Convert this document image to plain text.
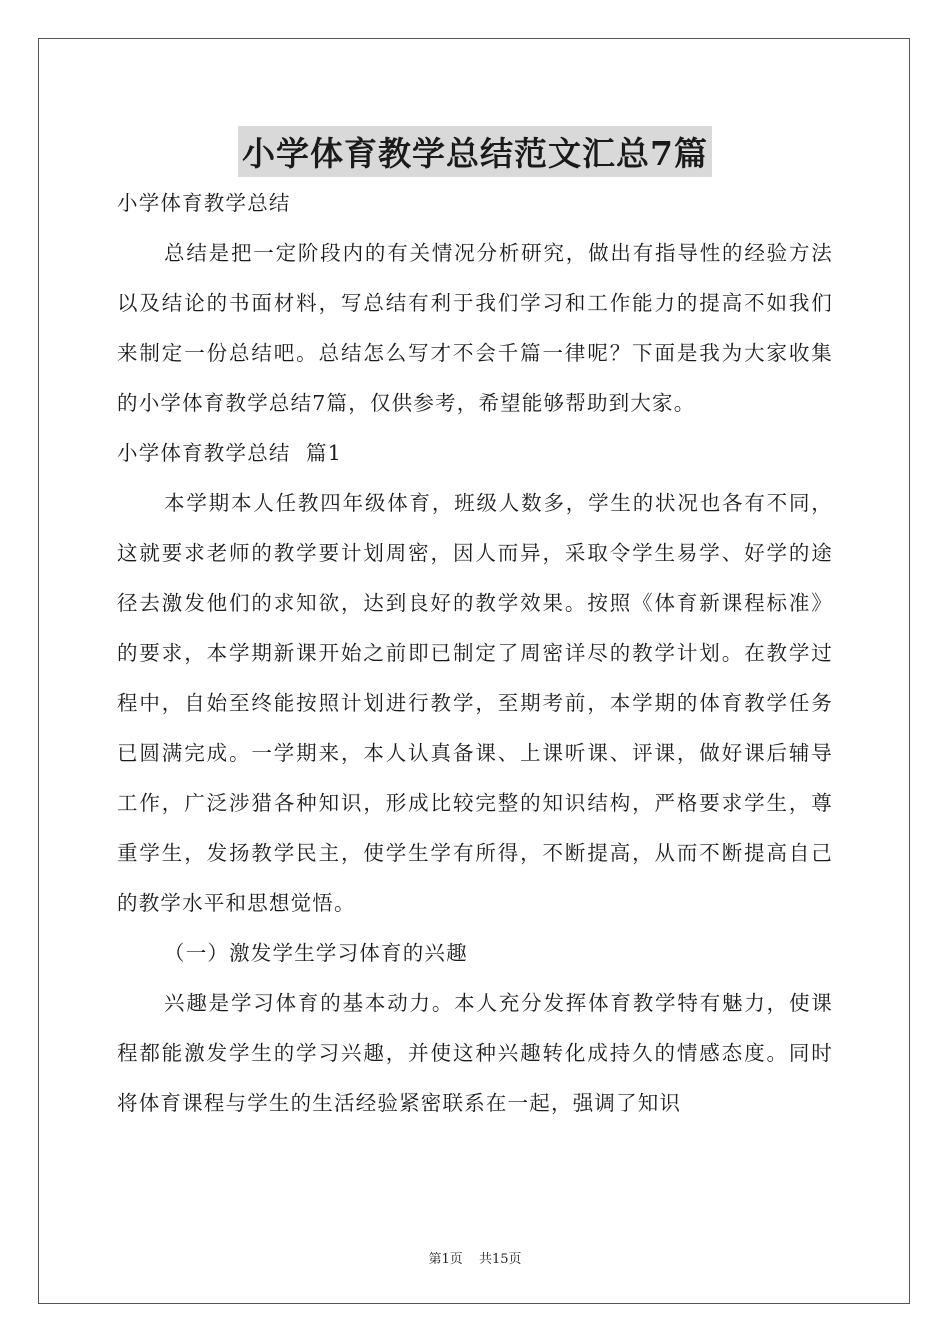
小学体育教学总结范文汇总7篇

小学体育教学总结

总结是把一定阶段内的有关情况分析研究，做出有指导性的经验方法以及结论的书面材料，写总结有利于我们学习和工作能力的提高不如我们来制定一份总结吧。总结怎么写才不会千篇一律呢？下面是我为大家收集的小学体育教学总结7篇，仅供参考，希望能够帮助到大家。

小学体育教学总结  篇1

本学期本人任教四年级体育，班级人数多，学生的状况也各有不同，这就要求老师的教学要计划周密，因人而异，采取令学生易学、好学的途径去激发他们的求知欲，达到良好的教学效果。按照《体育新课程标准》的要求，本学期新课开始之前即已制定了周密详尽的教学计划。在教学过程中，自始至终能按照计划进行教学，至期考前，本学期的体育教学任务已圆满完成。一学期来，本人认真备课、上课听课、评课，做好课后辅导工作，广泛涉猎各种知识，形成比较完整的知识结构，严格要求学生，尊重学生，发扬教学民主，使学生学有所得，不断提高，从而不断提高自己的教学水平和思想觉悟。

（一）激发学生学习体育的兴趣

兴趣是学习体育的基本动力。本人充分发挥体育教学特有魅力，使课程都能激发学生的学习兴趣，并使这种兴趣转化成持久的情感态度。同时将体育课程与学生的生活经验紧密联系在一起，强调了知识

第1页 共15页
